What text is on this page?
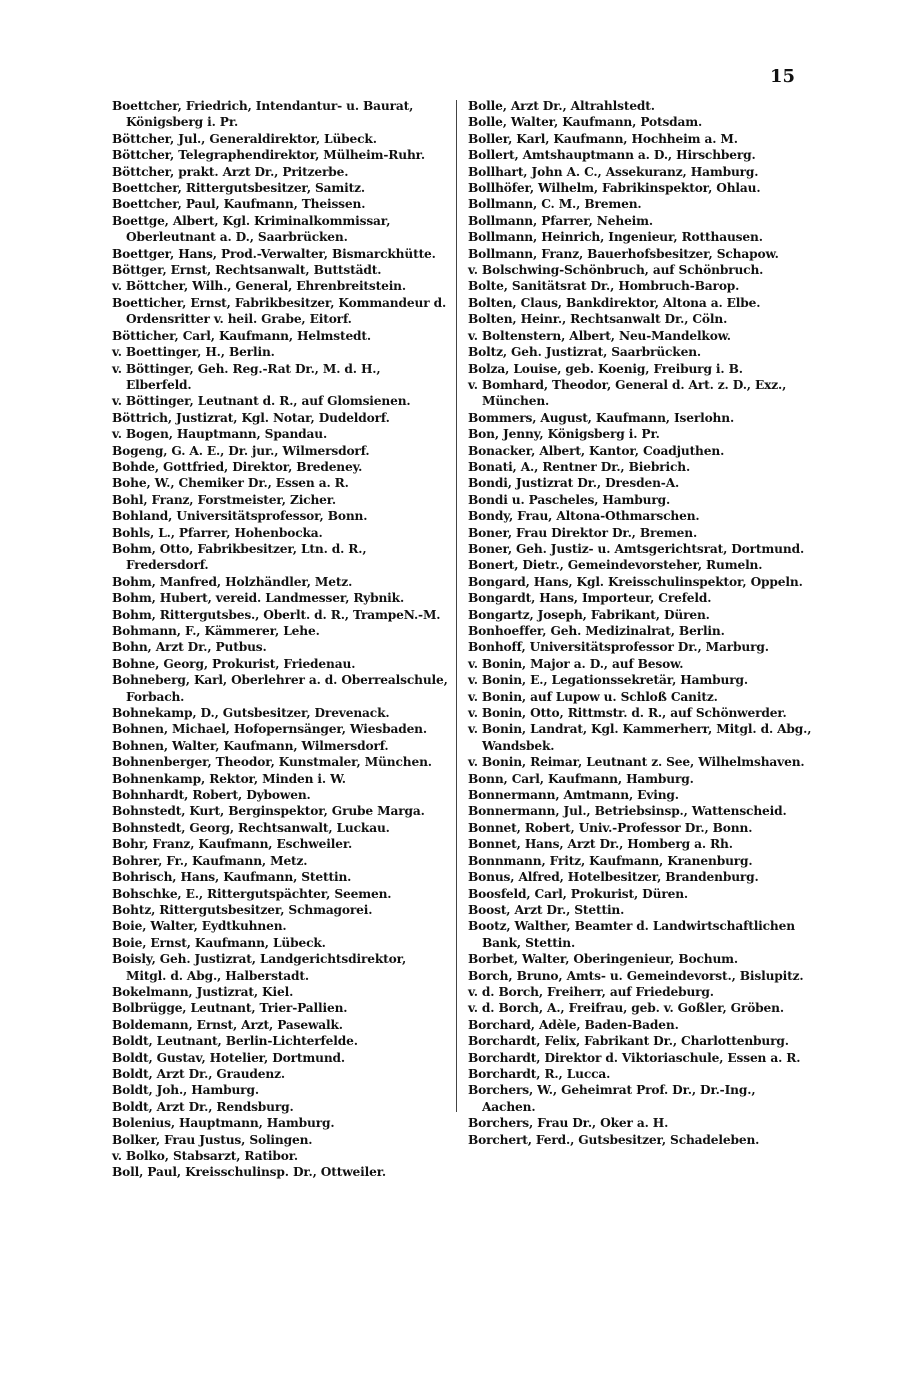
15
Boettcher, Friedrich, Intendantur- u. Baurat, Königsberg i. Pr.
Böttcher, Jul., Generaldirektor, Lübeck.
Böttcher, Telegraphendirektor, Mülheim-Ruhr.
Böttcher, prakt. Arzt Dr., Pritzerbe.
Boettcher, Rittergutsbesitzer, Samitz.
Boettcher, Paul, Kaufmann, Theissen.
Boettge, Albert, Kgl. Kriminalkommissar, Oberleutnant a. D., Saarbrücken.
Boettger, Hans, Prod.-Verwalter, Bismarckhütte.
Böttger, Ernst, Rechtsanwalt, Buttstädt.
v. Böttcher, Wilh., General, Ehrenbreitstein.
Boetticher, Ernst, Fabrikbesitzer, Kommandeur d. Ordensritter v. heil. Grabe, Eitorf.
Bötticher, Carl, Kaufmann, Helmstedt.
v. Boettinger, H., Berlin.
v. Böttinger, Geh. Reg.-Rat Dr., M. d. H., Elberfeld.
v. Böttinger, Leutnant d. R., auf Glomsienen.
Böttrich, Justizrat, Kgl. Notar, Dudeldorf.
v. Bogen, Hauptmann, Spandau.
Bogeng, G. A. E., Dr. jur., Wilmersdorf.
Bohde, Gottfried, Direktor, Bredeney.
Bohe, W., Chemiker Dr., Essen a. R.
Bohl, Franz, Forstmeister, Zicher.
Bohland, Universitätsprofessor, Bonn.
Bohls, L., Pfarrer, Hohenbocka.
Bohm, Otto, Fabrikbesitzer, Ltn. d. R., Fredersdorf.
Bohm, Manfred, Holzhändler, Metz.
Bohm, Hubert, vereid. Landmesser, Rybnik.
Bohm, Rittergutsbes., Oberlt. d. R., TrampeN.-M.
Bohmann, F., Kämmerer, Lehe.
Bohn, Arzt Dr., Putbus.
Bohne, Georg, Prokurist, Friedenau.
Bohneberg, Karl, Oberlehrer a. d. Oberrealschule, Forbach.
Bohnekamp, D., Gutsbesitzer, Drevenack.
Bohnen, Michael, Hofopernsänger, Wiesbaden.
Bohnen, Walter, Kaufmann, Wilmersdorf.
Bohnenberger, Theodor, Kunstmaler, München.
Bohnenkamp, Rektor, Minden i. W.
Bohnhardt, Robert, Dybowen.
Bohnstedt, Kurt, Berginspektor, Grube Marga.
Bohnstedt, Georg, Rechtsanwalt, Luckau.
Bohr, Franz, Kaufmann, Eschweiler.
Bohrer, Fr., Kaufmann, Metz.
Bohrisch, Hans, Kaufmann, Stettin.
Bohschke, E., Rittergutspächter, Seemen.
Bohtz, Rittergutsbesitzer, Schmagorei.
Boie, Walter, Eydtkuhnen.
Boie, Ernst, Kaufmann, Lübeck.
Boisly, Geh. Justizrat, Landgerichtsdirektor, Mitgl. d. Abg., Halberstadt.
Bokelmann, Justizrat, Kiel.
Bolbrügge, Leutnant, Trier-Pallien.
Boldemann, Ernst, Arzt, Pasewalk.
Boldt, Leutnant, Berlin-Lichterfelde.
Boldt, Gustav, Hotelier, Dortmund.
Boldt, Arzt Dr., Graudenz.
Boldt, Joh., Hamburg.
Boldt, Arzt Dr., Rendsburg.
Bolenius, Hauptmann, Hamburg.
Bolker, Frau Justus, Solingen.
v. Bolko, Stabsarzt, Ratibor.
Boll, Paul, Kreisschulinsp. Dr., Ottweiler.
Bolle, Arzt Dr., Altrahlstedt.
Bolle, Walter, Kaufmann, Potsdam.
Boller, Karl, Kaufmann, Hochheim a. M.
Bollert, Amtshauptmann a. D., Hirschberg.
Bollhart, John A. C., Assekuranz, Hamburg.
Bollhöfer, Wilhelm, Fabrikinspektor, Ohlau.
Bollmann, C. M., Bremen.
Bollmann, Pfarrer, Neheim.
Bollmann, Heinrich, Ingenieur, Rotthausen.
Bollmann, Franz, Bauerhofsbesitzer, Schapow.
v. Bolschwing-Schönbruch, auf Schönbruch.
Bolte, Sanitätsrat Dr., Hombruch-Barop.
Bolten, Claus, Bankdirektor, Altona a. Elbe.
Bolten, Heinr., Rechtsanwalt Dr., Cöln.
v. Boltenstern, Albert, Neu-Mandelkow.
Boltz, Geh. Justizrat, Saarbrücken.
Bolza, Louise, geb. Koenig, Freiburg i. B.
v. Bomhard, Theodor, General d. Art. z. D., Exz., München.
Bommers, August, Kaufmann, Iserlohn.
Bon, Jenny, Königsberg i. Pr.
Bonacker, Albert, Kantor, Coadjuthen.
Bonati, A., Rentner Dr., Biebrich.
Bondi, Justizrat Dr., Dresden-A.
Bondi u. Pascheles, Hamburg.
Bondy, Frau, Altona-Othmarschen.
Boner, Frau Direktor Dr., Bremen.
Boner, Geh. Justiz- u. Amtsgerichtsrat, Dortmund.
Bonert, Dietr., Gemeindevorsteher, Rumeln.
Bongard, Hans, Kgl. Kreisschulinspektor, Oppeln.
Bongardt, Hans, Importeur, Crefeld.
Bongartz, Joseph, Fabrikant, Düren.
Bonhoeffer, Geh. Medizinalrat, Berlin.
Bonhoff, Universitätsprofessor Dr., Marburg.
v. Bonin, Major a. D., auf Besow.
v. Bonin, E., Legationssekretär, Hamburg.
v. Bonin, auf Lupow u. Schloß Canitz.
v. Bonin, Otto, Rittmstr. d. R., auf Schönwerder.
v. Bonin, Landrat, Kgl. Kammerherr, Mitgl. d. Abg., Wandsbek.
v. Bonin, Reimar, Leutnant z. See, Wilhelmshaven.
Bonn, Carl, Kaufmann, Hamburg.
Bonnermann, Amtmann, Eving.
Bonnermann, Jul., Betriebsinsp., Wattenscheid.
Bonnet, Robert, Univ.-Professor Dr., Bonn.
Bonnet, Hans, Arzt Dr., Homberg a. Rh.
Bonnmann, Fritz, Kaufmann, Kranenburg.
Bonus, Alfred, Hotelbesitzer, Brandenburg.
Boosfeld, Carl, Prokurist, Düren.
Boost, Arzt Dr., Stettin.
Bootz, Walther, Beamter d. Landwirtschaftlichen Bank, Stettin.
Borbet, Walter, Oberingenieur, Bochum.
Borch, Bruno, Amts- u. Gemeindevorst., Bislupitz.
v. d. Borch, Freiherr, auf Friedeburg.
v. d. Borch, A., Freifrau, geb. v. Goßler, Gröben.
Borchard, Adèle, Baden-Baden.
Borchardt, Felix, Fabrikant Dr., Charlottenburg.
Borchardt, Direktor d. Viktoriaschule, Essen a. R.
Borchardt, R., Lucca.
Borchers, W., Geheimrat Prof. Dr., Dr.-Ing., Aachen.
Borchers, Frau Dr., Oker a. H.
Borchert, Ferd., Gutsbesitzer, Schadeleben.
